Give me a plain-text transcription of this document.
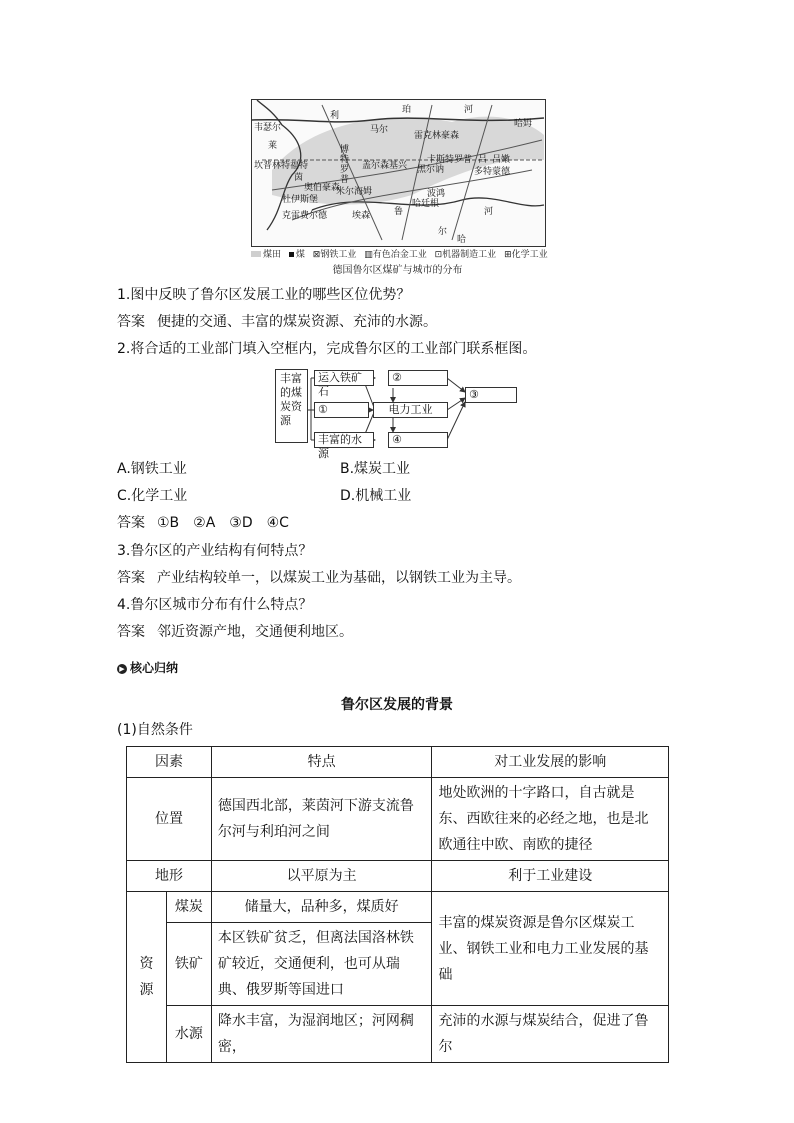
利
珀	河
哈姆
韦瑟尔	马尔
雷克林豪森
莱
坎普林特福特
博
特
罗
普
茵
盖尔森基兴
卡斯特罗普 吕
奥伯豪森
吕嫩
杜伊斯堡
米尔海姆
黑尔讷	多特蒙德
波鸿
埃森	鲁
尔
哈廷根
克雷费尔德	河
哈
煤田 煤 ⊠钢铁工业 ▥有色冶金工业 ⊡机器制造工业 ⊞化学工业
德国鲁尔区煤矿与城市的分布
1.图中反映了鲁尔区发展工业的哪些区位优势？
答案 便捷的交通、丰富的煤炭资源、充沛的水源。
2.将合适的工业部门填入空框内，完成鲁尔区的工业部门联系框图。
丰富的煤炭资源
运入铁矿石
②
①	电力工业
③
丰富的水源
④
A.钢铁工业	B.煤炭工业
C.化学工业	D.机械工业
答案 ①B　②A　③D　④C
3.鲁尔区的产业结构有何特点？
答案 产业结构较单一，以煤炭工业为基础，以钢铁工业为主导。
4.鲁尔区城市分布有什么特点？
答案 邻近资源产地，交通便利地区。
▶ 核心归纳
鲁尔区发展的背景
(1)自然条件
因素		特点	对工业发展的影响
位置		德国西北部，莱茵河下游支流鲁尔河与利珀河之间	地处欧洲的十字路口，自古就是东、西欧往来的必经之地，也是北欧通往中欧、南欧的捷径
地形		以平原为主	利于工业建设
资源	煤炭	储量大，品种多，煤质好	丰富的煤炭资源是鲁尔区煤炭工业、钢铁工业和电力工业发展的基础
	铁矿	本区铁矿贫乏，但离法国洛林铁矿较近，交通便利，也可从瑞典、俄罗斯等国进口	
	水源	降水丰富，为湿润地区；河网稠密，	充沛的水源与煤炭结合，促进了鲁尔
